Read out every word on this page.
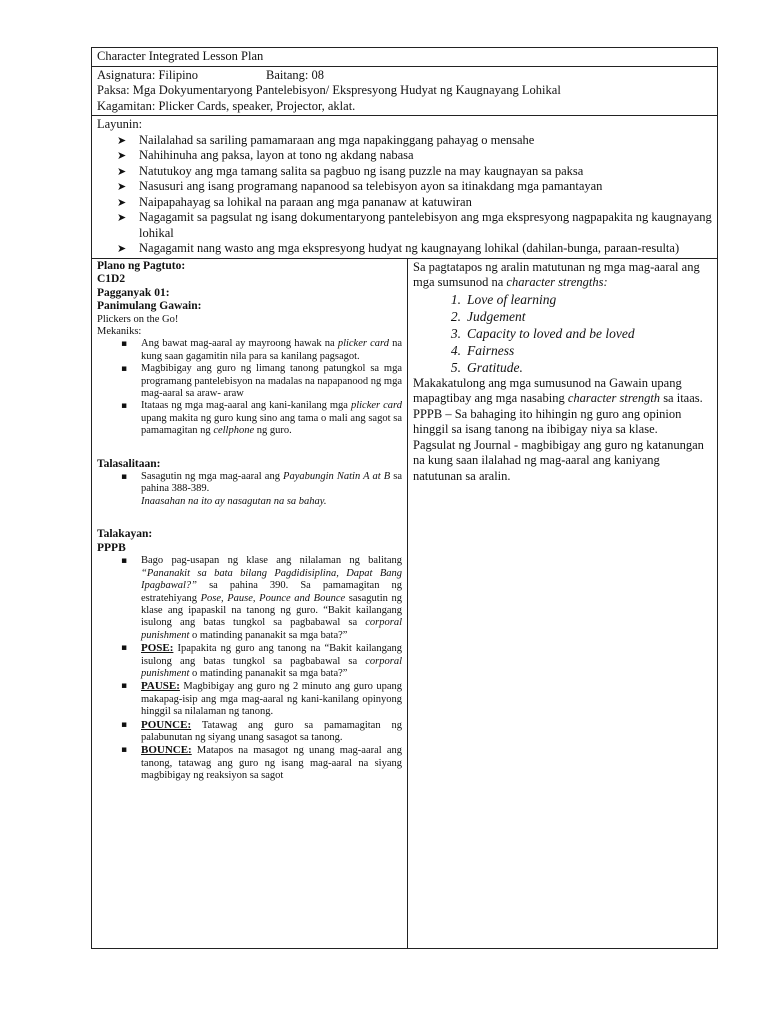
Character Integrated Lesson Plan
Asignatura: Filipino	Baitang: 08
Paksa: Mga Dokyumentaryong Pantelebisyon/ Ekspresyong Hudyat ng Kaugnayang Lohikal
Kagamitan: Plicker Cards, speaker, Projector, aklat.
Layunin:
➤ Nailalahad sa sariling pamamaraan ang mga napakinggang pahayag o mensahe
➤ Nahihinuha ang paksa, layon at tono ng akdang nabasa
➤ Natutukoy ang mga tamang salita sa pagbuo ng isang puzzle na may kaugnayan sa paksa
➤ Nasusuri ang isang programang napanood sa telebisyon ayon sa itinakdang mga pamantayan
➤ Naipapahayag sa lohikal na paraan ang mga pananaw at katuwiran
➤ Nagagamit sa pagsulat ng isang dokumentaryong pantelebisyon ang mga ekspresyong nagpapakita ng kaugnayang lohikal
➤ Nagagamit nang wasto ang mga ekspresyong hudyat ng kaugnayang lohikal (dahilan-bunga, paraan-resulta)
Plano ng Pagtuto:
C1D2
Pagganyak 01:
Panimulang Gawain:
Plickers on the Go!
Mekaniks:
▪ Ang bawat mag-aaral ay mayroong hawak na plicker card na kung saan gagamitin nila para sa kanilang pagsagot.
▪ Magbibigay ang guro ng limang tanong patungkol sa mga programang pantelebisyon na madalas na napapanood ng mga mag-aaral sa araw- araw
▪ Itataas ng mga mag-aaral ang kani-kanilang mga plicker card upang makita ng guro kung sino ang tama o mali ang sagot sa pamamagitan ng cellphone ng guro.
Talasalitaan:
▪ Sasagutin ng mga mag-aaral ang Payabungin Natin A at B sa pahina 388-389.
Inaasahan na ito ay nasagutan na sa bahay.
Talakayan:
PPPB
▪ Bago pag-usapan ng klase ang nilalaman ng balitang “Pananakit sa bata bilang Pagdidisiplina, Dapat Bang Ipagbawal?” sa pahina 390. Sa pamamagitan ng estratehiyang Pose, Pause, Pounce and Bounce sasagutin ng klase ang ipapaskil na tanong ng guro. “Bakit kailangang isulong ang batas tungkol sa pagbabawal sa corporal punishment o matinding pananakit sa mga bata?”
▪ POSE: Ipapakita ng guro ang tanong na “Bakit kailangang isulong ang batas tungkol sa pagbabawal sa corporal punishment o matinding pananakit sa mga bata?”
▪ PAUSE: Magbibigay ang guro ng 2 minuto ang guro upang makapag-isip ang mga mag-aaral ng kani-kanilang opinyong hinggil sa nilalaman ng tanong.
▪ POUNCE: Tatawag ang guro sa pamamagitan ng palabunutan ng siyang unang sasagot sa tanong.
▪ BOUNCE: Matapos na masagot ng unang mag-aaral ang tanong, tatawag ang guro ng isang mag-aaral na siyang magbibigay ng reaksiyon sa sagot
Sa pagtatapos ng aralin matutunan ng mga mag-aaral ang mga sumsunod na character strengths:
1. Love of learning
2. Judgement
3. Capacity to loved and be loved
4. Fairness
5. Gratitude.
Makakatulong ang mga sumusunod na Gawain upang mapagtibay ang mga nasabing character strength sa itaas.
PPPB – Sa bahaging ito hihingin ng guro ang opinion hinggil sa isang tanong na ibibigay niya sa klase.
Pagsulat ng Journal - magbibigay ang guro ng katanungan na kung saan ilalahad ng mag-aaral ang kaniyang natutunan sa aralin.
